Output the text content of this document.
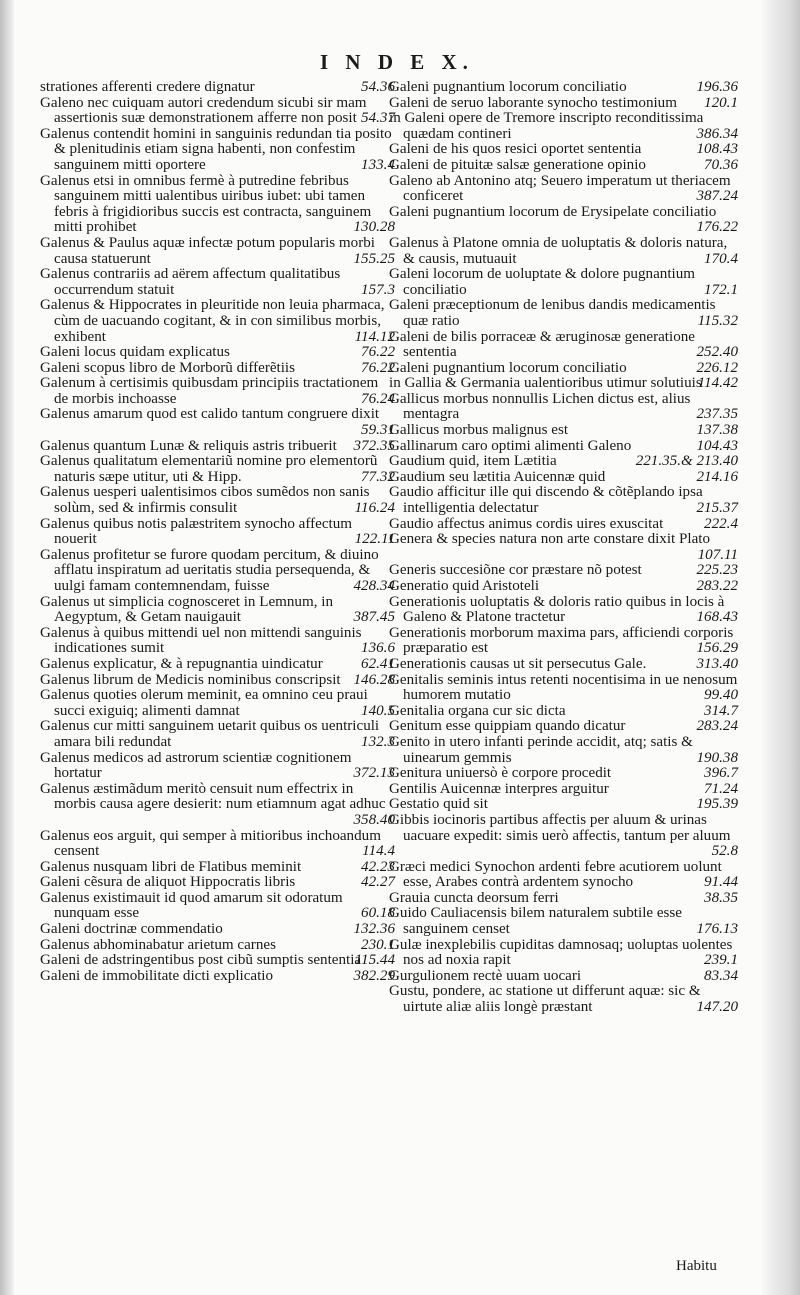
I N D E X.
strationes afferenti credere dignatur	54.36
Galeno nec cuiquam autori credendum sicubi sir mam assertionis suæ demonstrationem afferre non posit 54.37
Galenus contendit homini in sanguinis redundan tia posito & plenitudinis etiam signa habenti, non confestim sanguinem mitti oportere	133.4
Galenus etsi in omnibus fermè à putredine febribus sanguinem mitti ualentibus uiribus iubet: ubi tamen febris à frigidioribus succis est contracta, sanguinem mitti prohibet	130.28
Galenus & Paulus aquæ infectæ potum popularis morbi causa statuerunt	155.25
Galenus contrariis ad aërem affectum qualitatibus occurrendum statuit	157.3
Galenus & Hippocrates in pleuritide non leuia pharmaca, cùm de uacuando cogitant, & in con similibus morbis, exhibent	114.12
Galeni locus quidam explicatus	76.22
Galeni scopus libro de Morborũ differẽtiis	76.22
Galenum à certisimis quibusdam principiis tractationem de morbis inchoasse	76.24
Galenus amarum quod est calido tantum congruere dixit
59.31
Galenus quantum Lunæ & reliquis astris tribuerit 372.35
Galenus qualitatum elementariũ nomine pro elementorũ naturis sæpe utitur, uti & Hipp.	77.32
Galenus uesperi ualentisimos cibos sumẽdos non sanis solùm, sed & infirmis consulit	116.24
Galenus quibus notis palæstritem synocho affectum nouerit	122.11
Galenus profitetur se furore quodam percitum, & diuino afflatu inspiratum ad ueritatis studia persequenda, & uulgi famam contemnendam, fuisse	428.34
Galenus ut simplicia cognosceret in Lemnum, in Aegyptum, & Getam nauigauit	387.45
Galenus à quibus mittendi uel non mittendi sanguinis indicationes sumit	136.6
Galenus explicatur, & à repugnantia uindicatur	62.41
Galenus librum de Medicis nominibus conscripsit 146.28
Galenus quoties olerum meminit, ea omnino ceu praui succi exiguiq; alimenti damnat	140.5
Galenus cur mitti sanguinem uetarit quibus os uentriculi amara bili redundat	132.3
Galenus medicos ad astrorum scientiæ cognitionem hortatur	372.13
Galenus æstimãdum meritò censuit num effectrix in morbis causa agere desierit: num etiamnum agat adhuc
358.40
Galenus eos arguit, qui semper à mitioribus inchoandum censent	114.4
Galenus nusquam libri de Flatibus meminit	42.23
Galeni cẽsura de aliquot Hippocratis libris	42.27
Galenus existimauit id quod amarum sit odoratum nunquam esse	60.18
Galeni doctrinæ commendatio	132.36
Galenus abhominabatur arietum carnes	230.1
Galeni de adstringentibus post cibũ sumptis sententia
115.44
Galeni de immobilitate dicti explicatio	382.29
Galeni pugnantium locorum conciliatio	196.36
Galeni de seruo laborante synocho testimonium 120.1
in Galeni opere de Tremore inscripto reconditissima quædam contineri	386.34
Galeni de his quos resici oportet sententia	108.43
Galeni de pituitæ salsæ generatione opinio	70.36
Galeno ab Antonino atq; Seuero imperatum ut theriacem conficeret	387.24
Galeni pugnantium locorum de Erysipelate conciliatio
176.22
Galenus à Platone omnia de uoluptatis & doloris natura, & causis, mutuauit	170.4
Galeni locorum de uoluptate & dolore pugnantium conciliatio	172.1
Galeni præceptionum de lenibus dandis medicamentis quæ ratio	115.32
Galeni de bilis porraceæ & æruginosæ generatione sententia	252.40
Galeni pugnantium locorum conciliatio	226.12
in Gallia & Germania ualentioribus utimur solutiuis
114.42
Gallicus morbus nonnullis Lichen dictus est, alius mentagra	237.35
Gallicus morbus malignus est	137.38
Gallinarum caro optimi alimenti Galeno	104.43
Gaudium quid, item Lætitia	221.35.& 213.40
Gaudium seu lætitia Auicennæ quid	214.16
Gaudio afficitur ille qui discendo & cõtẽplando ipsa intelligentia delectatur	215.37
Gaudio affectus animus cordis uires exuscitat	222.4
Genera & species natura non arte constare dixit Plato
107.11
Generis succesiõne cor præstare nõ potest	225.23
Generatio quid Aristoteli	283.22
Generationis uoluptatis & doloris ratio quibus in locis à Galeno & Platone tractetur	168.43
Generationis morborum maxima pars, afficiendi corporis præparatio est	156.29
Generationis causas ut sit persecutus Gale.	313.40
Genitalis seminis intus retenti nocentisima in ue nenosum humorem mutatio	99.40
Genitalia organa cur sic dicta	314.7
Genitum esse quippiam quando dicatur	283.24
Genito in utero infanti perinde accidit, atq; satis & uinearum gemmis	190.38
Genitura uniuersò è corpore procedit	396.7
Gentilis Auicennæ interpres arguitur	71.24
Gestatio quid sit	195.39
Gibbis iocinoris partibus affectis per aluum & urinas uacuare expedit: simis uerò affectis, tantum per aluum
52.8
Græci medici Synochon ardenti febre acutiorem uolunt esse, Arabes contrà ardentem synocho	91.44
Grauia cuncta deorsum ferri	38.35
Guido Cauliacensis bilem naturalem subtile esse sanguinem censet	176.13
Gulæ inexplebilis cupiditas damnosaq; uoluptas uolentes nos ad noxia rapit	239.1
Gurgulionem rectè uuam uocari	83.34
Gustu, pondere, ac statione ut differunt aquæ: sic & uirtute aliæ aliis longè præstant	147.20
Habitu
